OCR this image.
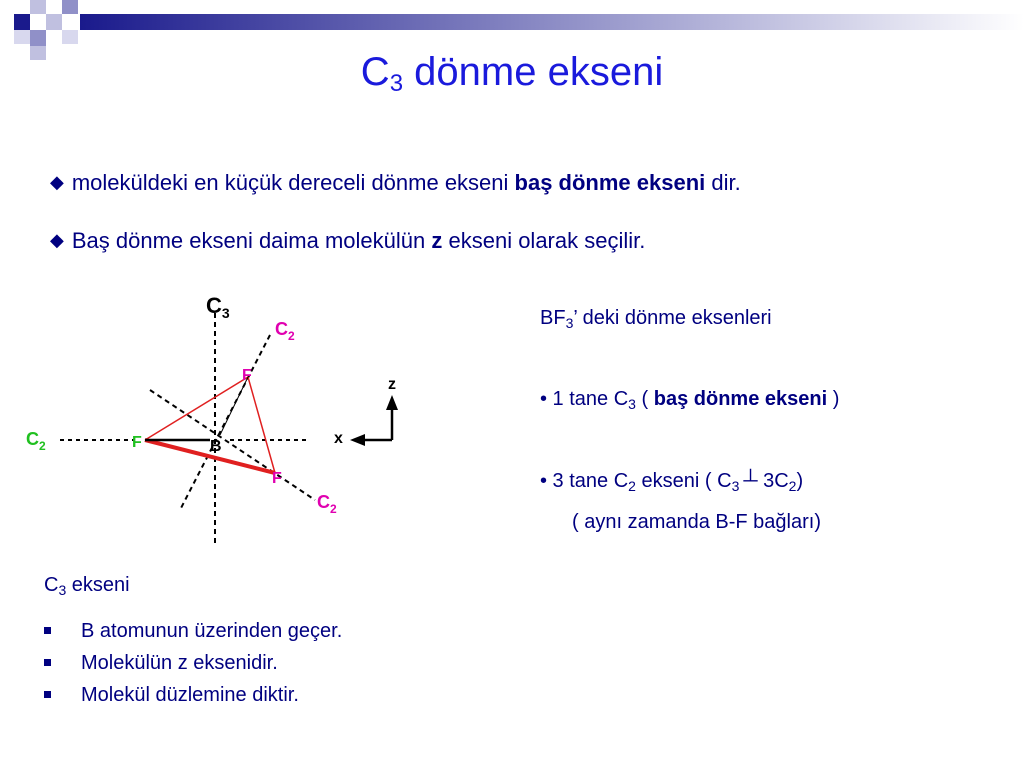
$C_3$ dönme ekseni
◆ moleküldeki en küçük dereceli dönme ekseni baş dönme ekseni dir.
◆ Baş dönme ekseni daima molekülün z ekseni olarak seçilir.
$C_3$
$C_2$
$C_2$
$C_2$	F
F
F
B
z
x
$BF_3$’ deki dönme eksenleri
• 1 tane $C_3$ ( baş dönme ekseni )
• 3 tane $C_2$ ekseni ( $C_3$ ┴ $3C_2$)
( aynı zamanda B-F bağları)
$C_3$ ekseni
B atomunun üzerinden geçer.
Molekülün z eksenidir.
Molekül düzlemine diktir.
